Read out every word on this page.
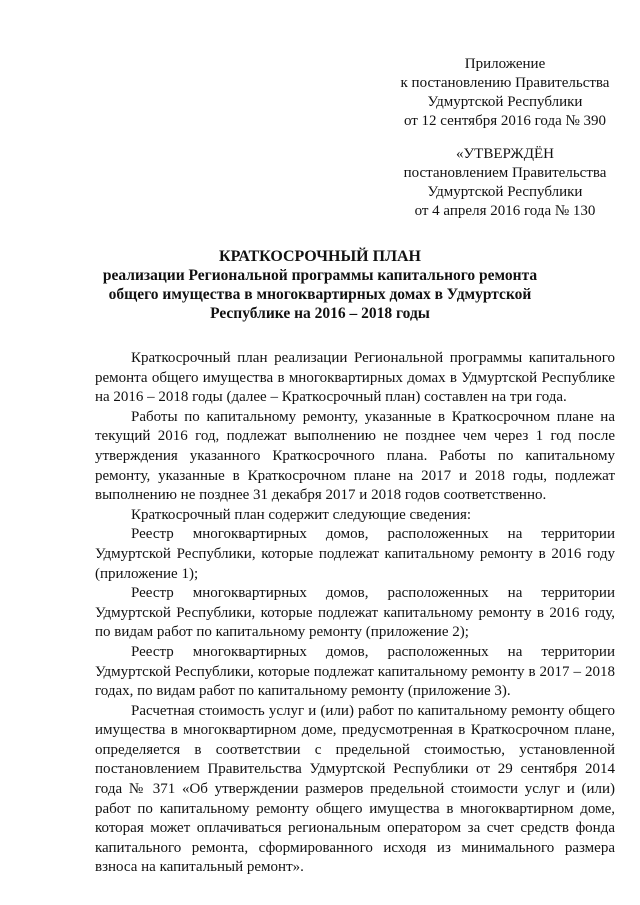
Приложение
к постановлению Правительства
Удмуртской Республики
от 12 сентября 2016 года № 390
«УТВЕРЖДЁН
постановлением Правительства
Удмуртской Республики
от 4 апреля 2016 года № 130
КРАТКОСРОЧНЫЙ ПЛАН
реализации Региональной программы капитального ремонта общего имущества в многоквартирных домах в Удмуртской Республике на 2016 – 2018 годы

Краткосрочный план реализации Региональной программы капитального ремонта общего имущества в многоквартирных домах в Удмуртской Республике на 2016 – 2018 годы (далее – Краткосрочный план) составлен на три года.

Работы по капитальному ремонту, указанные в Краткосрочном плане на текущий 2016 год, подлежат выполнению не позднее чем через 1 год после утверждения указанного Краткосрочного плана. Работы по капитальному ремонту, указанные в Краткосрочном плане на 2017 и 2018 годы, подлежат выполнению не позднее 31 декабря 2017 и 2018 годов соответственно.

Краткосрочный план содержит следующие сведения:

Реестр многоквартирных домов, расположенных на территории Удмуртской Республики, которые подлежат капитальному ремонту в 2016 году (приложение 1);

Реестр многоквартирных домов, расположенных на территории Удмуртской Республики, которые подлежат капитальному ремонту в 2016 году, по видам работ по капитальному ремонту (приложение 2);

Реестр многоквартирных домов, расположенных на территории Удмуртской Республики, которые подлежат капитальному ремонту в 2017 – 2018 годах, по видам работ по капитальному ремонту (приложение 3).

Расчетная стоимость услуг и (или) работ по капитальному ремонту общего имущества в многоквартирном доме, предусмотренная в Краткосрочном плане, определяется в соответствии с предельной стоимостью, установленной постановлением Правительства Удмуртской Республики от 29 сентября 2014 года № 371 «Об утверждении размеров предельной стоимости услуг и (или) работ по капитальному ремонту общего имущества в многоквартирном доме, которая может оплачиваться региональным оператором за счет средств фонда капитального ремонта, сформированного исходя из минимального размера взноса на капитальный ремонт».
